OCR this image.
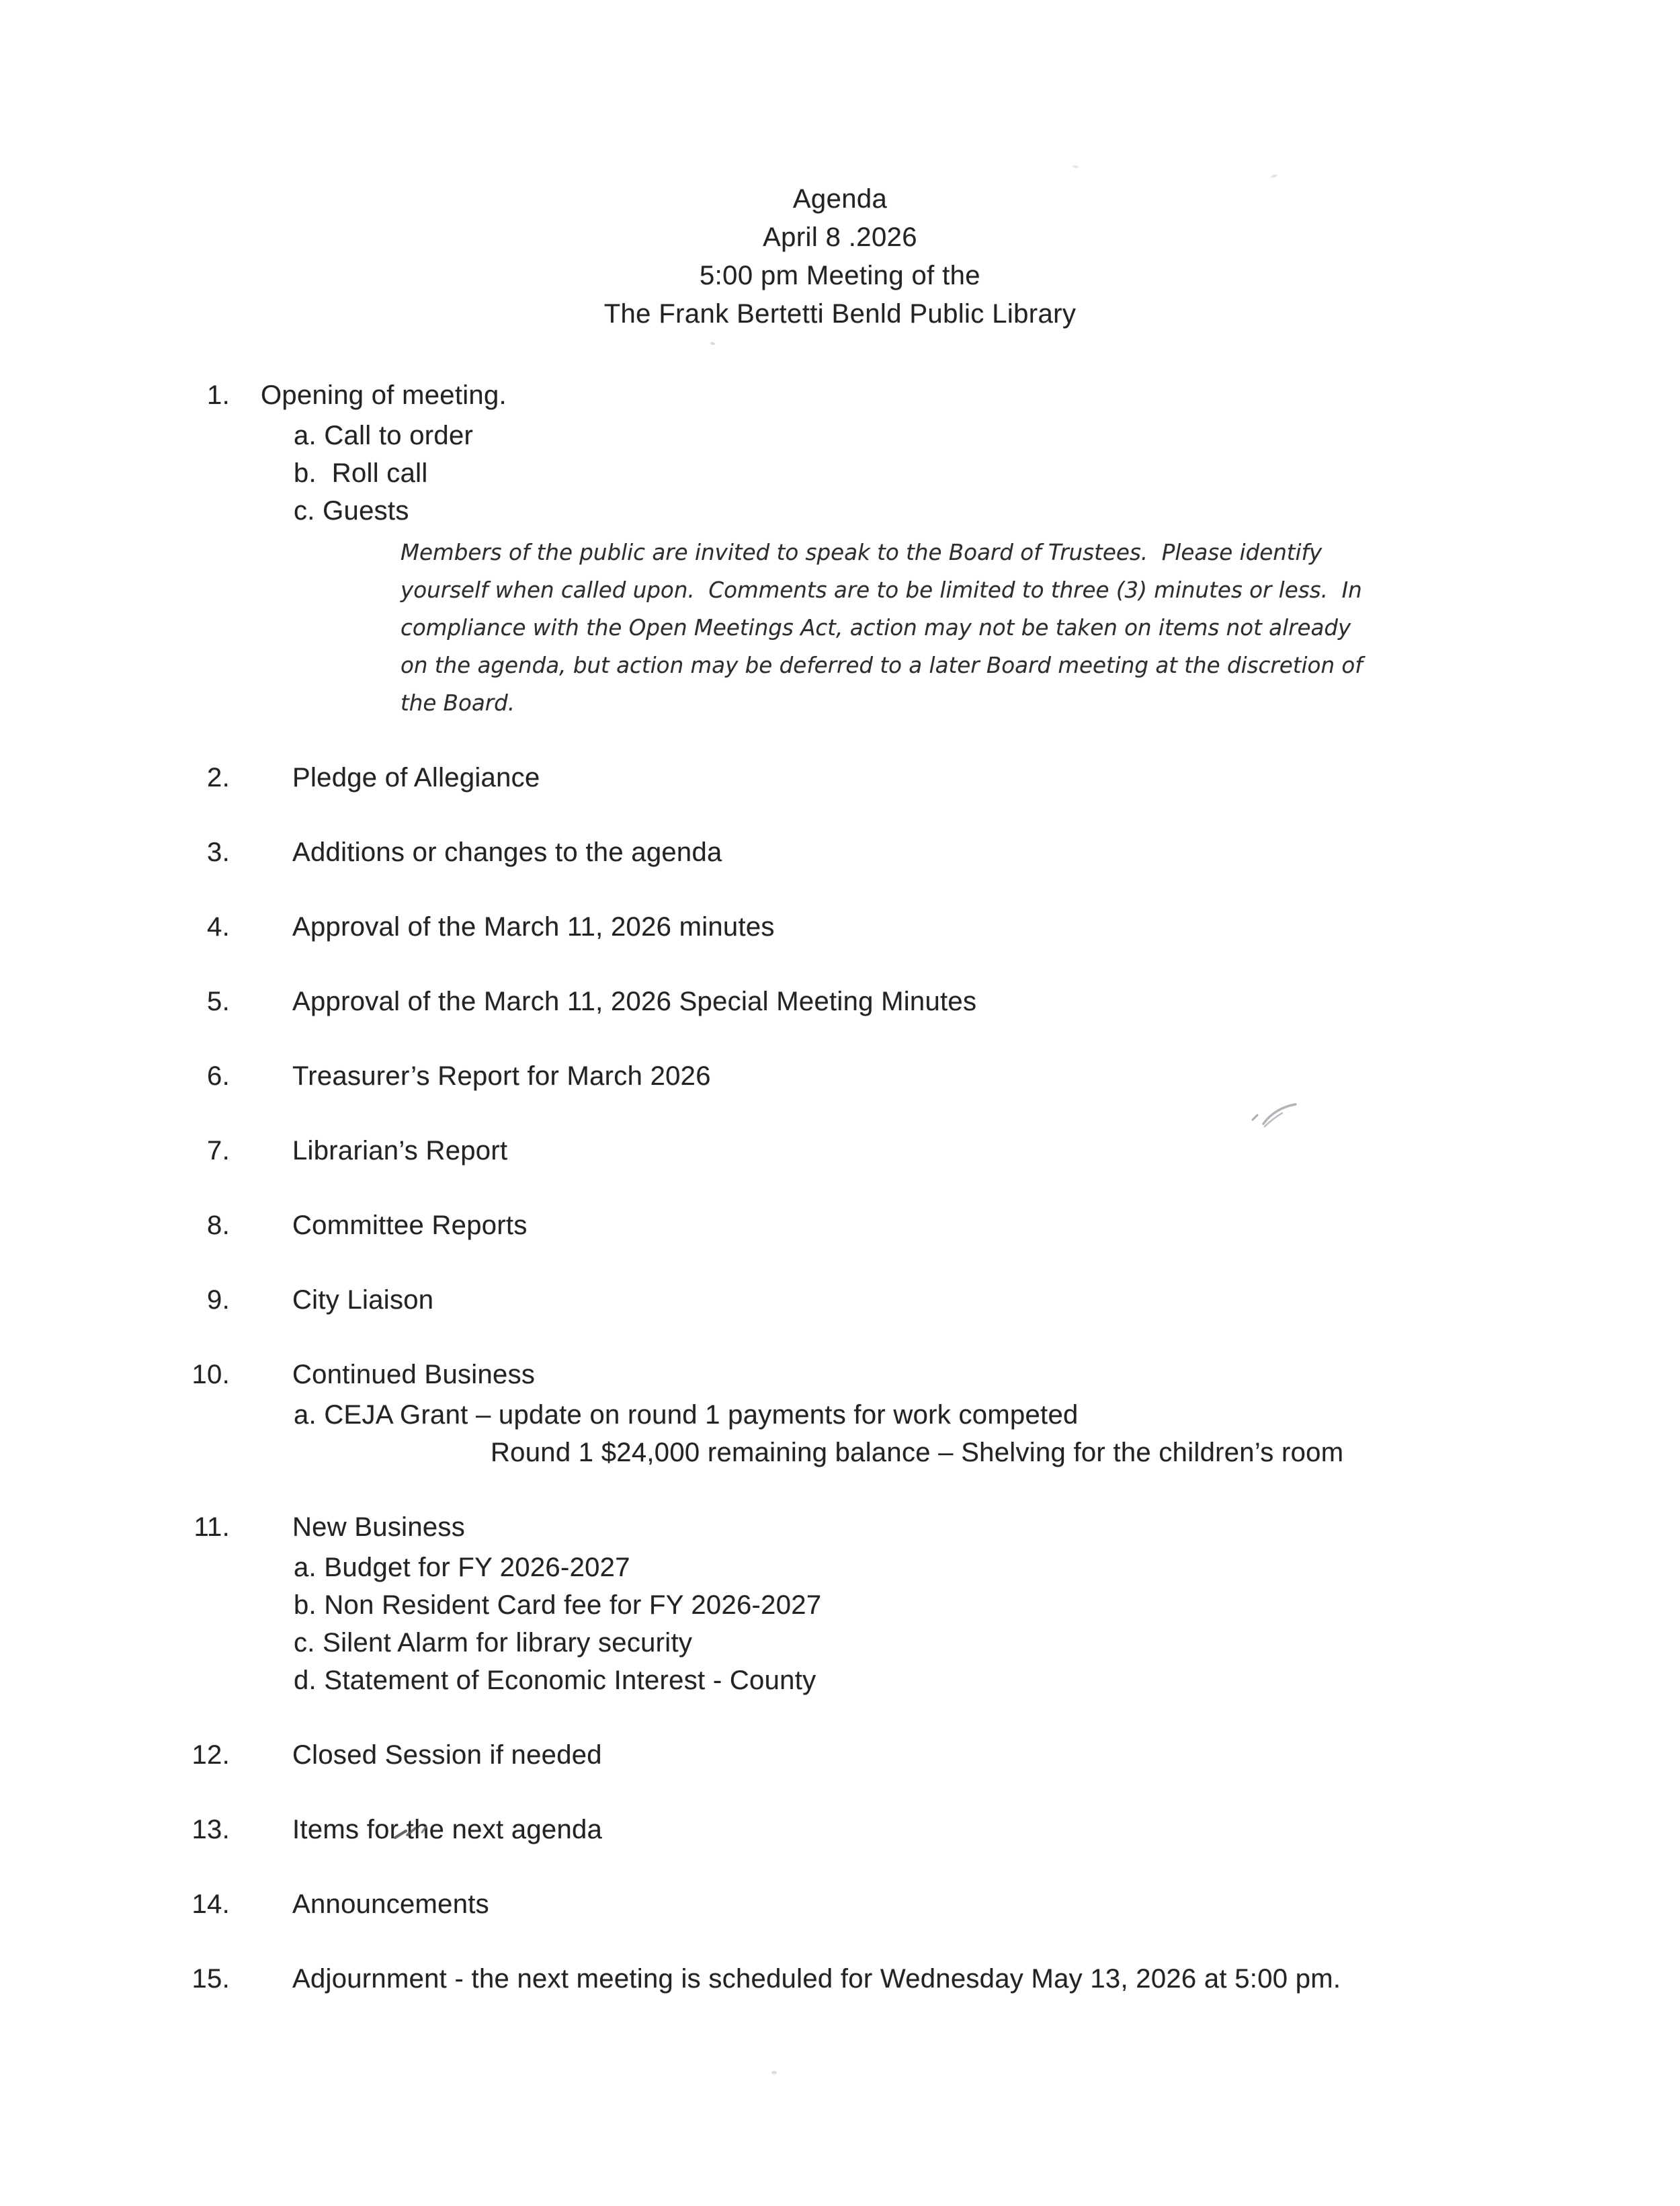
Agenda
April 8 .2026
5:00 pm Meeting of the
The Frank Bertetti Benld Public Library
1. Opening of meeting.
a. Call to order
b.  Roll call
c. Guests
Members of the public are invited to speak to the Board of Trustees.  Please identify
yourself when called upon.  Comments are to be limited to three (3) minutes or less.  In
compliance with the Open Meetings Act, action may not be taken on items not already
on the agenda, but action may be deferred to a later Board meeting at the discretion of
the Board.
2. Pledge of Allegiance
3. Additions or changes to the agenda
4. Approval of the March 11, 2026 minutes
5. Approval of the March 11, 2026 Special Meeting Minutes
6. Treasurer’s Report for March 2026
7. Librarian’s Report
8. Committee Reports
9. City Liaison
10. Continued Business
a. CEJA Grant – update on round 1 payments for work competed
Round 1 $24,000 remaining balance – Shelving for the children’s room
11. New Business
a. Budget for FY 2026-2027
b. Non Resident Card fee for FY 2026-2027
c. Silent Alarm for library security
d. Statement of Economic Interest - County
12. Closed Session if needed
13. Items for the next agenda
14. Announcements
15. Adjournment - the next meeting is scheduled for Wednesday May 13, 2026 at 5:00 pm.
